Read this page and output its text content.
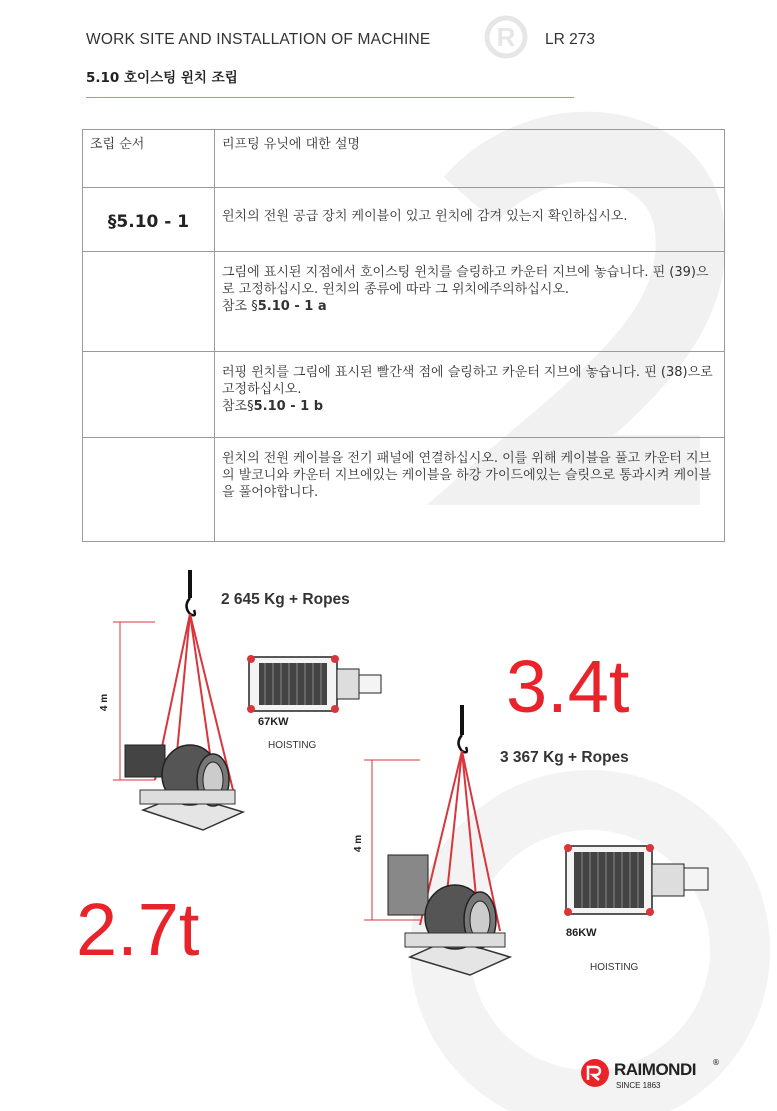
WORK SITE AND INSTALLATION OF MACHINE	R LR 273
5.10 호이스팅 윈치 조립
조립 순서	리프팅 유닛에 대한 설명
§5.10 - 1	윈치의 전원 공급 장치 케이블이 있고 윈치에 감겨 있는지 확인하십시오.

	그림에 표시된 지점에서 호이스팅 윈치를 슬링하고 카운터 지브에 놓습니다. 핀 (39)으로 고정하십시오. 윈치의 종류에 따라 그 위치에주의하십시오.
참조 §5.10 - 1 a

	러핑 윈치를 그림에 표시된 빨간색 점에 슬링하고 카운터 지브에 놓습니다. 핀 (38)으로 고정하십시오.
참조§5.10 - 1 b

	윈치의 전원 케이블을 전기 패널에 연결하십시오. 이를 위해 케이블을 풀고 카운터 지브의 발코니와 카운터 지브에있는 케이블을 하강 가이드에있는 슬릿으로 통과시켜 케이블을 풀어야합니다.
2 645 Kg + Ropes
4 m
67KW
HOISTING
3.4t
2.7t
3 367 Kg + Ropes
4 m
86KW
HOISTING
RAIMONDI ®
SINCE 1863
